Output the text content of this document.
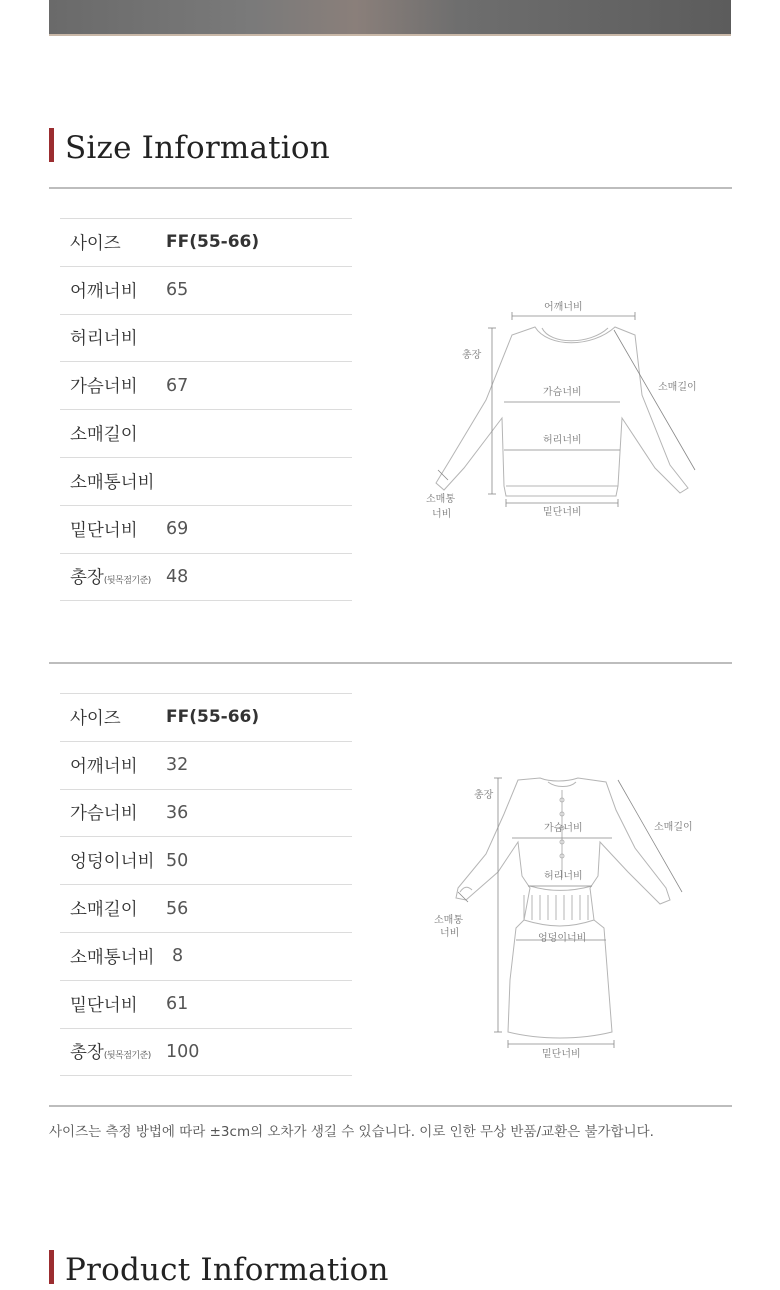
Size Information
사이즈	FF(55-66)
어깨너비	65
허리너비	
가슴너비	67
소매길이	
소매통너비	
밑단너비	69
총장(뒷목점기준)	48
어깨너비
총장
소매길이
가슴너비
허리너비
소매통
너비	밑단너비
사이즈	FF(55-66)
어깨너비	32
가슴너비	36
엉덩이너비	50
소매길이	56
소매통너비	8
밑단너비	61
총장(뒷목점기준)	100
총장
소매길이
가슴너비
허리너비
엉덩이너비
소매통
너비
밑단너비
사이즈는 측정 방법에 따라 ±3cm의 오차가 생길 수 있습니다. 이로 인한 무상 반품/교환은 불가합니다.
Product Information
